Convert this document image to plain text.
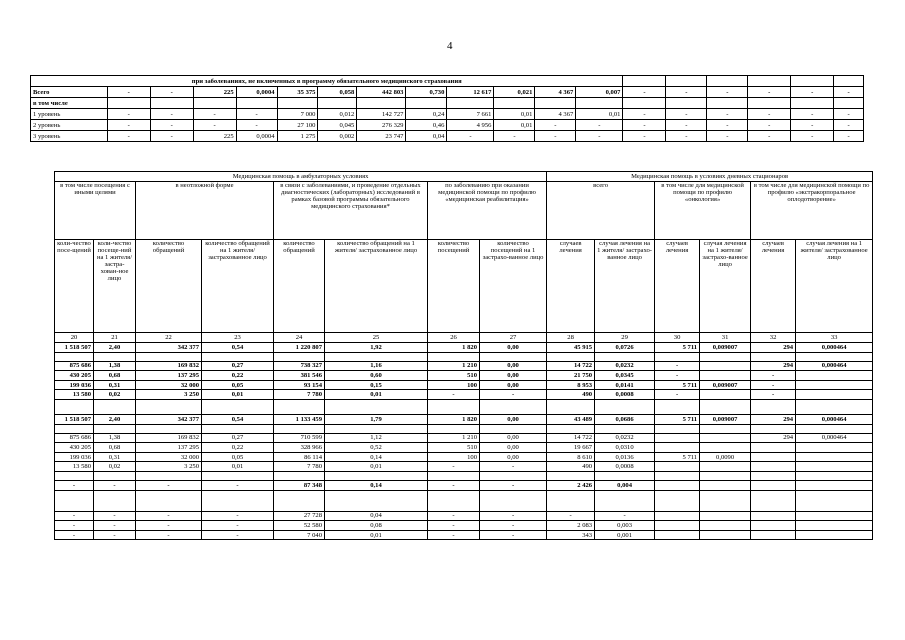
4
при заболеваниях, не включенных в программу обязательного медицинского страхования																		
Всего	-	-	225	0,0004	35 375	0,058	442 803	0,730	12 617	0,021	4 367	0,007	-	-	-	-	-	-
в том числе																		
1 уровень	-	-	-	-	7 000	0,012	142 727	0,24	7 661	0,01	4 367	0,01	-	-	-	-	-	-
2 уровень	-	-	-	-	27 100	0,045	276 329	0,46	4 956	0,01	-	-	-	-	-	-	-	-
3 уровень	-	-	225	0,0004	1 275	0,002	23 747	0,04	-	-	-	-	-	-	-	-	-	-
Медицинская помощь в амбулаторных условиях								Медицинская помощь в условиях дневных стационаров					
в том числе посещения с иными целями		в неотложной форме		в связи с заболеваниями, и проведение отдельных диагностических (лабораторных) исследований в рамках базовой программы обязательного медицинского страхования*		по заболеванию при оказании медицинской помощи по профилю «медицинская реабилитация»		всего		в том числе для медицинской помощи по профилю «онкология»		в том числе для медицинской помощи по профилю «экстракорпоральное оплодотворение»	
коли-чество посе-щений	коли-чество посеще-ний на 1 жителя/ застра-хован-ное лицо	количество обращений	количество обращений на 1 жителя/ застрахованное лицо	количество обращений	количество обращений на 1 жителя/ застрахованное лицо	количество посещений	количество посещений на 1 застрахо-ванное лицо	случаев лечения	случая лечения на 1 жителя/ застрахо-ванное лицо	случаев лечения	случая лечения на 1 жителя/ застрахо-ванное лицо	случаев лечения	случая лечения на 1 жителя/ застрахованное лицо
20	21	22	23	24	25	26	27	28	29	30	31	32	33
1 518 507	2,40	342 377	0,54	1 220 807	1,92	1 820	0,00	45 915	0,0726	5 711	0,009007	294	0,000464

875 686	1,38	169 832	0,27	738 327	1,16	1 210	0,00	14 722	0,0232	-		294	0,000464
430 205	0,68	137 295	0,22	381 546	0,60	510	0,00	21 750	0,0345	-		-	
199 036	0,31	32 000	0,05	93 154	0,15	100	0,00	8 953	0,0141	5 711	0,009007	-	
13 580	0,02	3 250	0,01	7 780	0,01	-	-	490	0,0008	-		-	

1 518 507	2,40	342 377	0,54	1 133 459	1,79	1 820	0,00	43 489	0,0686	5 711	0,009007	294	0,000464

875 686	1,38	169 832	0,27	710 599	1,12	1 210	0,00	14 722	0,0232			294	0,000464
430 205	0,68	137 295	0,22	328 966	0,52	510	0,00	19 667	0,0310				
199 036	0,31	32 000	0,05	86 114	0,14	100	0,00	8 610	0,0136	5 711	0,0090		
13 580	0,02	3 250	0,01	7 780	0,01	-	-	490	0,0008				

-	-	-	-	87 348	0,14	-	-	2 426	0,004				

-	-	-	-	27 728	0,04	-	-	-	-				
-	-	-	-	52 580	0,08	-	-	2 083	0,003				
-	-	-	-	7 040	0,01	-	-	343	0,001				
